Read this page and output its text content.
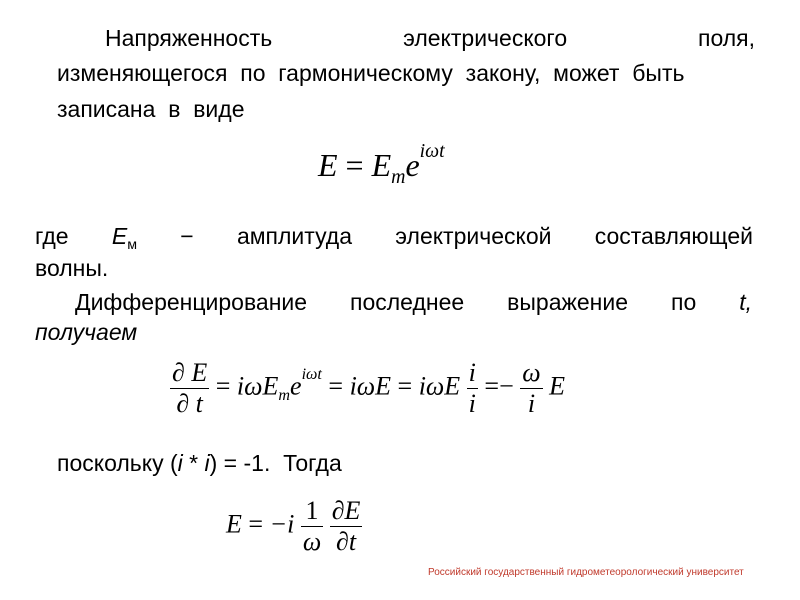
Напряженность	электрического	поля,
изменяющегося  по  гармоническому  закону,  может  быть
записана  в  виде
$E = E_me^{i\omega t}$
где $E_м$ − амплитуда электрической составляющей
волны.
Дифференцирование последнее выражение по t,
получаем
$\frac{\partial E}{\partial t} = i\omega E_me^{i\omega t} = i\omega E = i\omega E \frac{i}{i} =- \frac{\omega}{i}$ E
поскольку (i * i) = -1.  Тогда
$E = -i \frac{1}{\omega}$
$\frac{\partial E}{\partial t}$
Российский государственный гидрометеорологический университет
